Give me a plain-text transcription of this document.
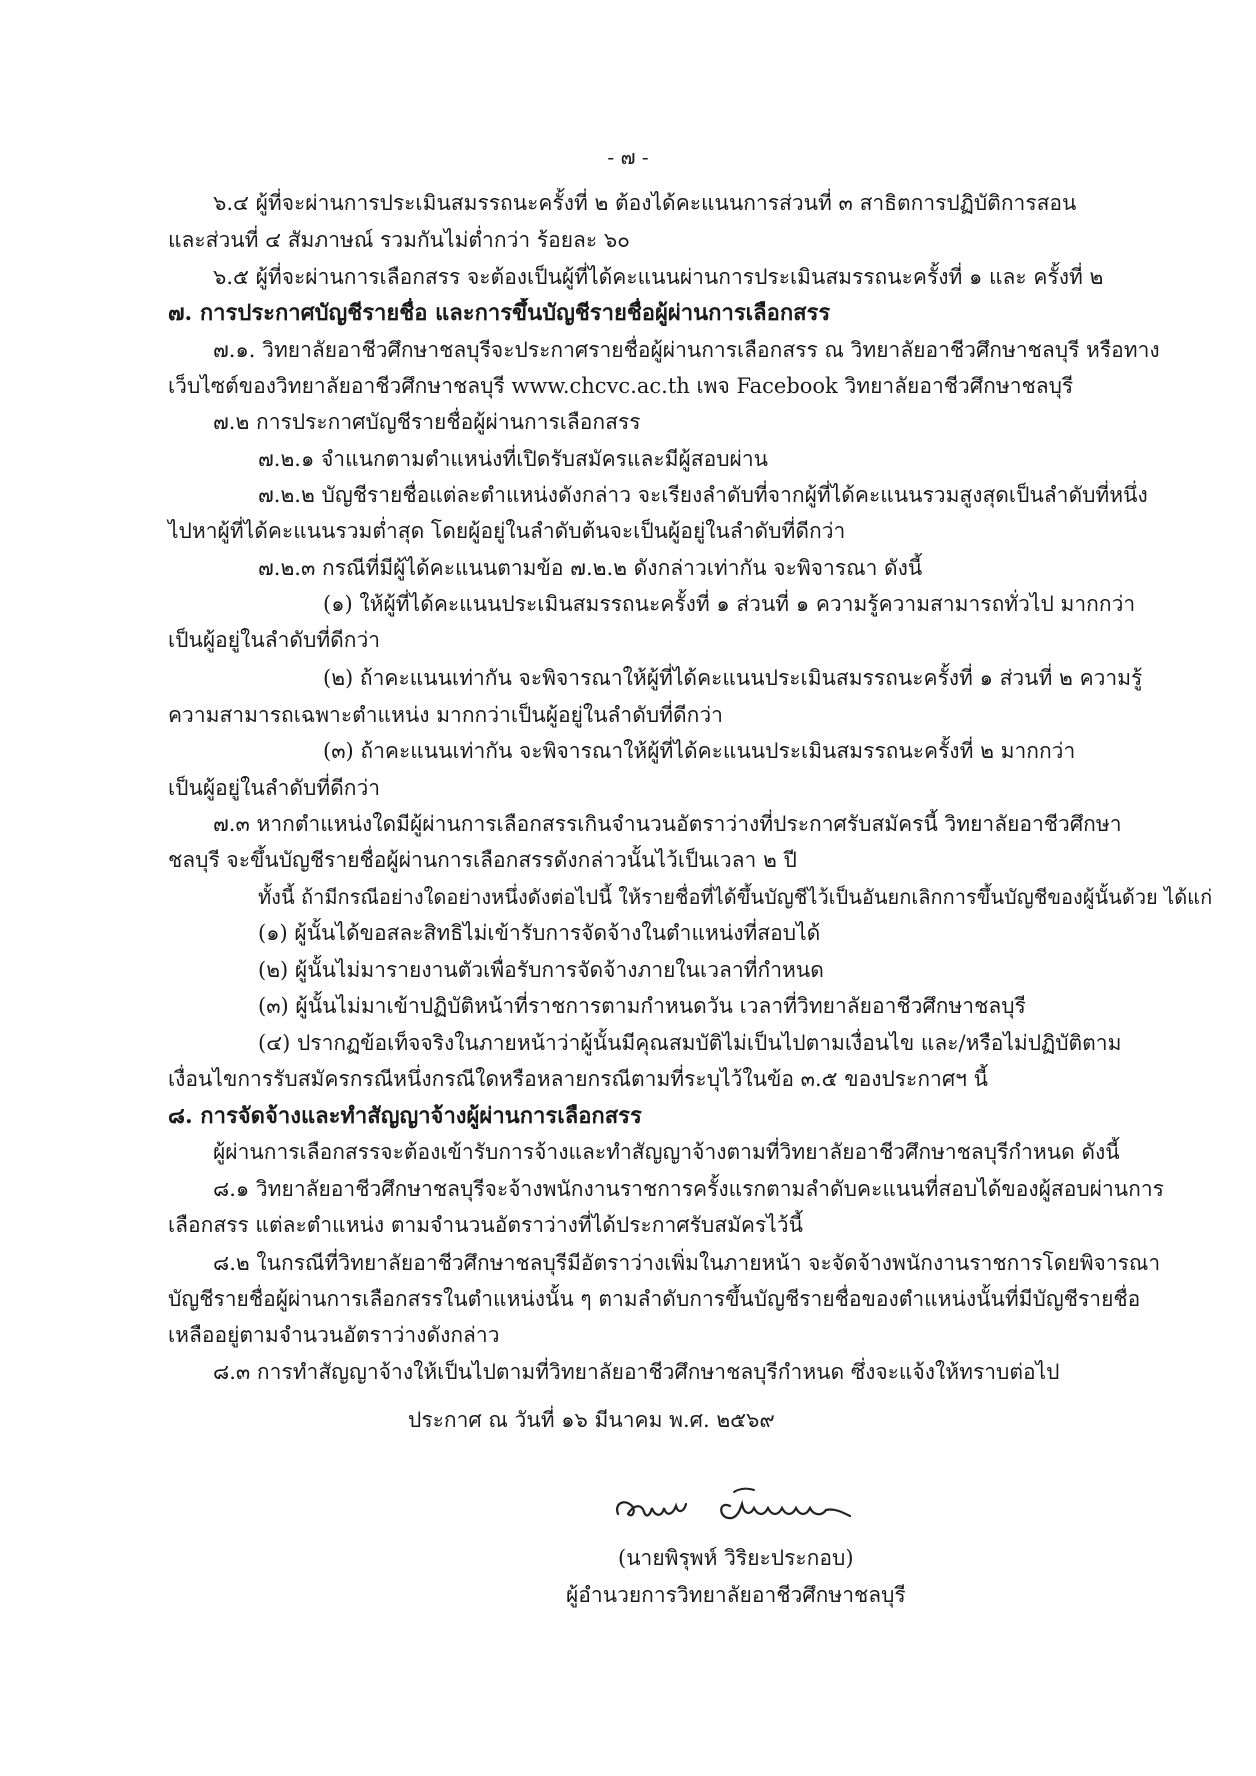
- ๗ -
๖.๔ ผู้ที่จะผ่านการประเมินสมรรถนะครั้งที่ ๒ ต้องได้คะแนนการส่วนที่ ๓ สาธิตการปฏิบัติการสอน
และส่วนที่ ๔ สัมภาษณ์ รวมกันไม่ต่ำกว่า ร้อยละ ๖๐
๖.๕ ผู้ที่จะผ่านการเลือกสรร จะต้องเป็นผู้ที่ได้คะแนนผ่านการประเมินสมรรถนะครั้งที่ ๑ และ ครั้งที่ ๒
๗. การประกาศบัญชีรายชื่อ และการขึ้นบัญชีรายชื่อผู้ผ่านการเลือกสรร
๗.๑. วิทยาลัยอาชีวศึกษาชลบุรีจะประกาศรายชื่อผู้ผ่านการเลือกสรร ณ วิทยาลัยอาชีวศึกษาชลบุรี หรือทาง
เว็บไซต์ของวิทยาลัยอาชีวศึกษาชลบุรี www.chcvc.ac.th เพจ Facebook วิทยาลัยอาชีวศึกษาชลบุรี
๗.๒ การประกาศบัญชีรายชื่อผู้ผ่านการเลือกสรร
๗.๒.๑ จำแนกตามตำแหน่งที่เปิดรับสมัครและมีผู้สอบผ่าน
๗.๒.๒ บัญชีรายชื่อแต่ละตำแหน่งดังกล่าว จะเรียงลำดับที่จากผู้ที่ได้คะแนนรวมสูงสุดเป็นลำดับที่หนึ่ง
ไปหาผู้ที่ได้คะแนนรวมต่ำสุด โดยผู้อยู่ในลำดับต้นจะเป็นผู้อยู่ในลำดับที่ดีกว่า
๗.๒.๓ กรณีที่มีผู้ได้คะแนนตามข้อ ๗.๒.๒ ดังกล่าวเท่ากัน จะพิจารณา ดังนี้
(๑) ให้ผู้ที่ได้คะแนนประเมินสมรรถนะครั้งที่ ๑ ส่วนที่ ๑ ความรู้ความสามารถทั่วไป มากกว่า
เป็นผู้อยู่ในลำดับที่ดีกว่า
(๒) ถ้าคะแนนเท่ากัน จะพิจารณาให้ผู้ที่ได้คะแนนประเมินสมรรถนะครั้งที่ ๑ ส่วนที่ ๒ ความรู้
ความสามารถเฉพาะตำแหน่ง มากกว่าเป็นผู้อยู่ในลำดับที่ดีกว่า
(๓) ถ้าคะแนนเท่ากัน จะพิจารณาให้ผู้ที่ได้คะแนนประเมินสมรรถนะครั้งที่ ๒ มากกว่า
เป็นผู้อยู่ในลำดับที่ดีกว่า
๗.๓ หากตำแหน่งใดมีผู้ผ่านการเลือกสรรเกินจำนวนอัตราว่างที่ประกาศรับสมัครนี้ วิทยาลัยอาชีวศึกษา
ชลบุรี จะขึ้นบัญชีรายชื่อผู้ผ่านการเลือกสรรดังกล่าวนั้นไว้เป็นเวลา ๒ ปี
ทั้งนี้ ถ้ามีกรณีอย่างใดอย่างหนึ่งดังต่อไปนี้ ให้รายชื่อที่ได้ขึ้นบัญชีไว้เป็นอันยกเลิกการขึ้นบัญชีของผู้นั้นด้วย ได้แก่
(๑) ผู้นั้นได้ขอสละสิทธิไม่เข้ารับการจัดจ้างในตำแหน่งที่สอบได้
(๒) ผู้นั้นไม่มารายงานตัวเพื่อรับการจัดจ้างภายในเวลาที่กำหนด
(๓) ผู้นั้นไม่มาเข้าปฏิบัติหน้าที่ราชการตามกำหนดวัน เวลาที่วิทยาลัยอาชีวศึกษาชลบุรี
(๔) ปรากฏข้อเท็จจริงในภายหน้าว่าผู้นั้นมีคุณสมบัติไม่เป็นไปตามเงื่อนไข และ/หรือไม่ปฏิบัติตาม
เงื่อนไขการรับสมัครกรณีหนึ่งกรณีใดหรือหลายกรณีตามที่ระบุไว้ในข้อ ๓.๕ ของประกาศฯ นี้
๘. การจัดจ้างและทำสัญญาจ้างผู้ผ่านการเลือกสรร
ผู้ผ่านการเลือกสรรจะต้องเข้ารับการจ้างและทำสัญญาจ้างตามที่วิทยาลัยอาชีวศึกษาชลบุรีกำหนด ดังนี้
๘.๑ วิทยาลัยอาชีวศึกษาชลบุรีจะจ้างพนักงานราชการครั้งแรกตามลำดับคะแนนที่สอบได้ของผู้สอบผ่านการ
เลือกสรร แต่ละตำแหน่ง ตามจำนวนอัตราว่างที่ได้ประกาศรับสมัครไว้นี้
๘.๒ ในกรณีที่วิทยาลัยอาชีวศึกษาชลบุรีมีอัตราว่างเพิ่มในภายหน้า จะจัดจ้างพนักงานราชการโดยพิจารณา
บัญชีรายชื่อผู้ผ่านการเลือกสรรในตำแหน่งนั้น ๆ ตามลำดับการขึ้นบัญชีรายชื่อของตำแหน่งนั้นที่มีบัญชีรายชื่อ
เหลืออยู่ตามจำนวนอัตราว่างดังกล่าว
๘.๓ การทำสัญญาจ้างให้เป็นไปตามที่วิทยาลัยอาชีวศึกษาชลบุรีกำหนด ซึ่งจะแจ้งให้ทราบต่อไป
ประกาศ ณ วันที่ ๑๖ มีนาคม พ.ศ. ๒๕๖๙
(นายพิรุพห์ วิริยะประกอบ)
ผู้อำนวยการวิทยาลัยอาชีวศึกษาชลบุรี
